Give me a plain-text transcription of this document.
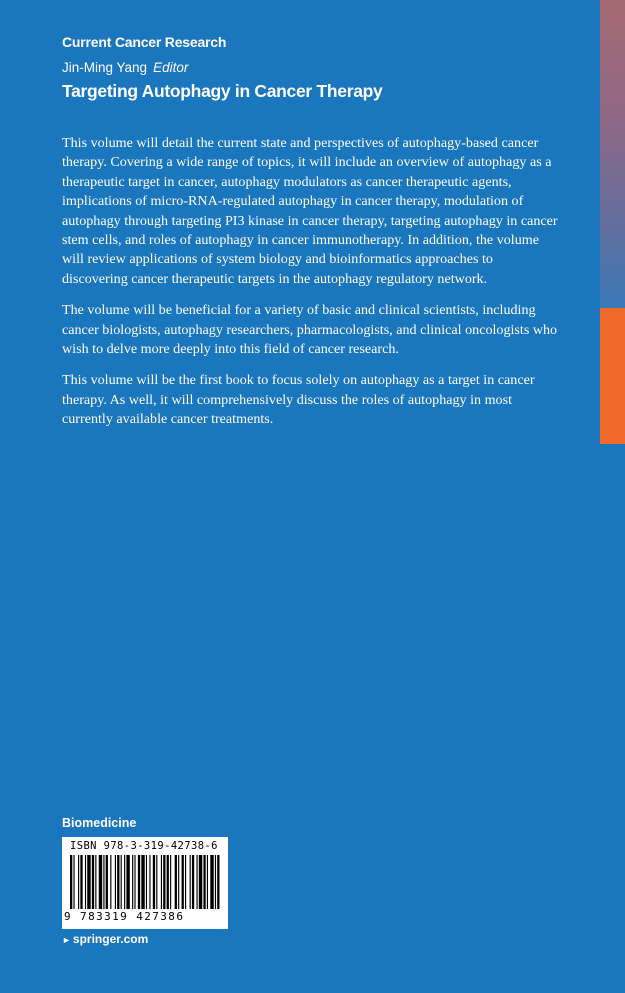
Current Cancer Research
Jin-Ming Yang Editor
Targeting Autophagy in Cancer Therapy

This volume will detail the current state and perspectives of autophagy-based cancer therapy. Covering a wide range of topics, it will include an overview of autophagy as a therapeutic target in cancer, autophagy modulators as cancer therapeutic agents, implications of micro-RNA-regulated autophagy in cancer therapy, modulation of autophagy through targeting PI3 kinase in cancer therapy, targeting autophagy in cancer stem cells, and roles of autophagy in cancer immunotherapy. In addition, the volume will review applications of system biology and bioinformatics approaches to discovering cancer therapeutic targets in the autophagy regulatory network.

The volume will be beneficial for a variety of basic and clinical scientists, including cancer biologists, autophagy researchers, pharmacologists, and clinical oncologists who wish to delve more deeply into this field of cancer research.

This volume will be the first book to focus solely on autophagy as a target in cancer therapy. As well, it will comprehensively discuss the roles of autophagy in most currently available cancer treatments.

Biomedicine
ISBN 978-3-319-42738-6
9 783319 427386
► springer.com
